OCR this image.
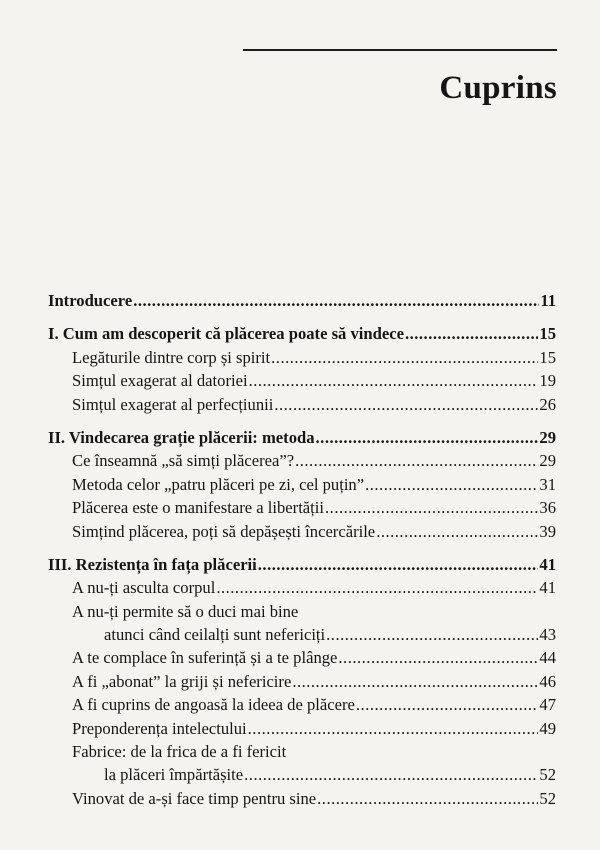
Cuprins
Introducere .....	11
I. Cum am descoperit că plăcerea poate să vindece .....	15
Legăturile dintre corp și spirit .....	15
Simțul exagerat al datoriei .....	19
Simțul exagerat al perfecțiunii .....	26
II. Vindecarea grație plăcerii: metoda .....	29
Ce înseamnă „să simți plăcerea”? .....	29
Metoda celor „patru plăceri pe zi, cel puțin” .....	31
Plăcerea este o manifestare a libertății .....	36
Simțind plăcerea, poți să depășești încercările .....	39
III. Rezistența în fața plăcerii .....	41
A nu-ți asculta corpul .....	41
A nu-ți permite să o duci mai bine
atunci când ceilalți sunt nefericiți .....	43
A te complace în suferință și a te plânge .....	44
A fi „abonat” la griji și nefericire .....	46
A fi cuprins de angoasă la ideea de plăcere .....	47
Preponderența intelectului .....	49
Fabrice: de la frica de a fi fericit
la plăceri împărtășite .....	52
Vinovat de a-și face timp pentru sine .....	52
